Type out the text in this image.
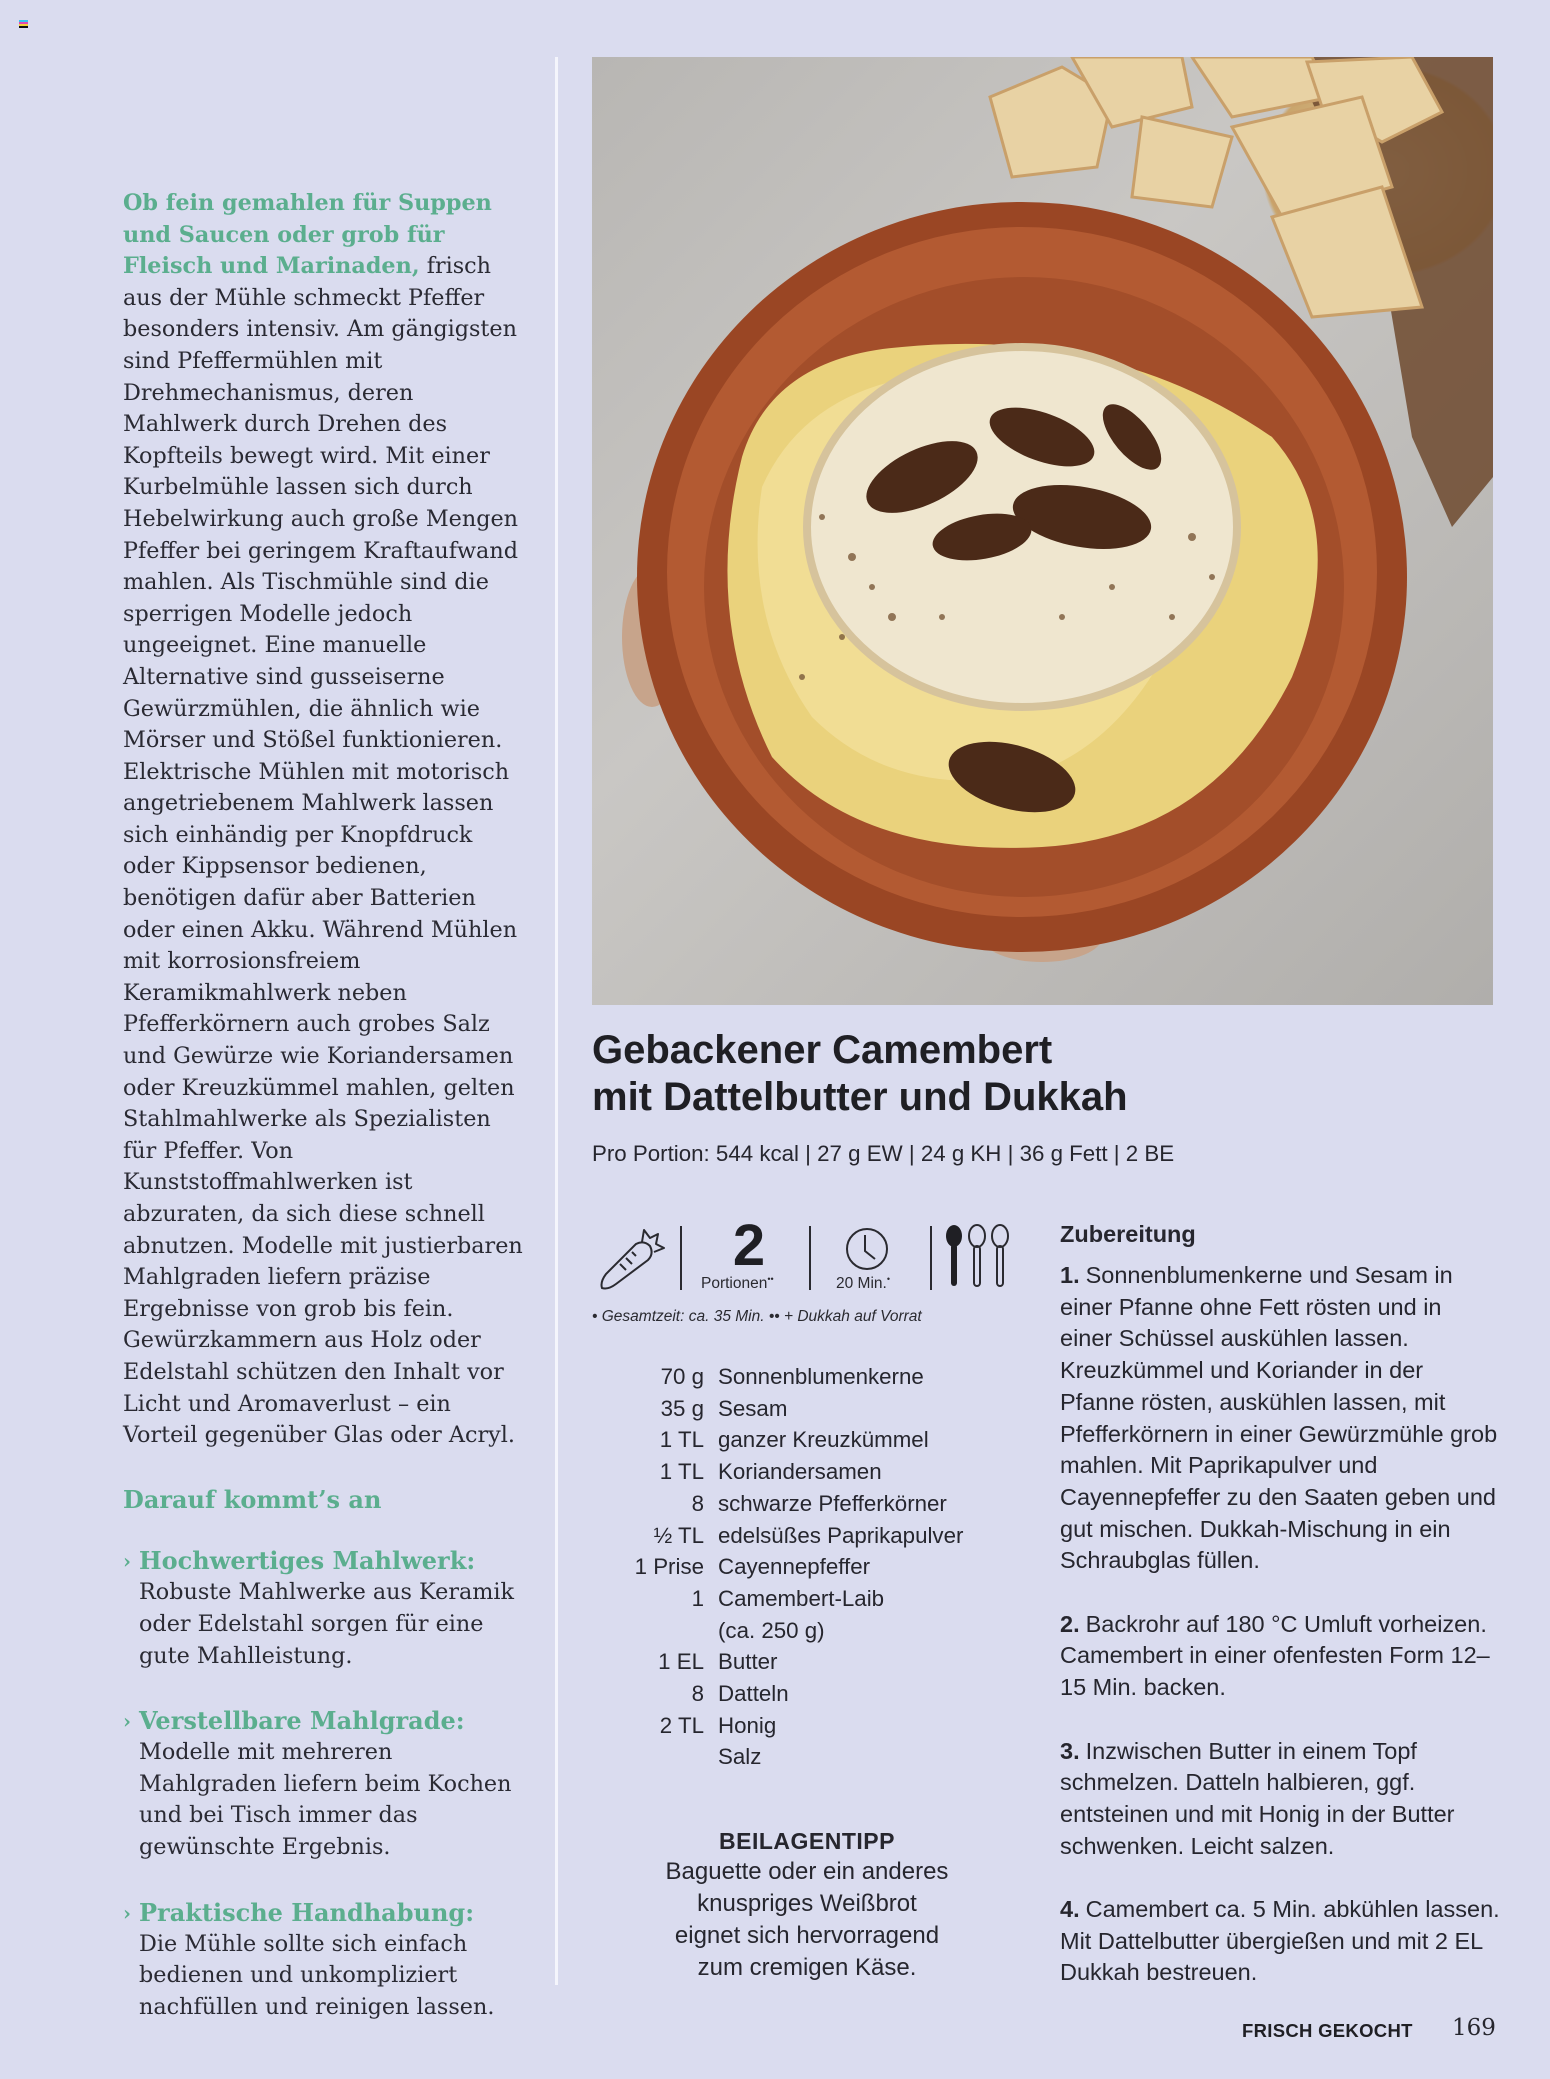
Ob fein gemahlen für Suppen und Saucen oder grob für Fleisch und Marinaden, frisch aus der Mühle schmeckt Pfeffer besonders intensiv. Am gängigsten sind Pfeffermühlen mit Drehmechanismus, deren Mahlwerk durch Drehen des Kopfteils bewegt wird. Mit einer Kurbelmühle lassen sich durch Hebelwirkung auch große Mengen Pfeffer bei geringem Kraftaufwand mahlen. Als Tischmühle sind die sperrigen Modelle jedoch ungeeignet. Eine manuelle Alternative sind gusseiserne Gewürzmühlen, die ähnlich wie Mörser und Stößel funktionieren. Elektrische Mühlen mit motorisch angetriebenem Mahlwerk lassen sich einhändig per Knopfdruck oder Kippsensor bedienen, benötigen dafür aber Batterien oder einen Akku. Während Mühlen mit korrosionsfreiem Keramikmahlwerk neben Pfefferkörnern auch grobes Salz und Gewürze wie Koriandersamen oder Kreuzkümmel mahlen, gelten Stahlmahlwerke als Spezialisten für Pfeffer. Von Kunststoffmahlwerken ist abzuraten, da sich diese schnell abnutzen. Modelle mit justierbaren Mahlgraden liefern präzise Ergebnisse von grob bis fein. Gewürzkammern aus Holz oder Edelstahl schützen den Inhalt vor Licht und Aromaverlust – ein Vorteil gegenüber Glas oder Acryl.

Darauf kommt’s an
› Hochwertiges Mahlwerk:

Robuste Mahlwerke aus Keramik oder Edelstahl sorgen für eine gute Mahlleistung.

› Verstellbare Mahlgrade:

Modelle mit mehreren Mahlgraden liefern beim Kochen und bei Tisch immer das gewünschte Ergebnis.

› Praktische Handhabung:

Die Mühle sollte sich einfach bedienen und unkompliziert nachfüllen und reinigen lassen.

Gebackener Camembert
mit Dattelbutter und Dukkah
Pro Portion: 544 kcal | 27 g EW | 24 g KH | 36 g Fett | 2 BE
2
Portionen••	20 Min.•
• Gesamtzeit: ca. 35 Min. •• + Dukkah auf Vorrat
70 g Sonnenblumenkerne
35 g Sesam
1 TL ganzer Kreuzkümmel
1 TL Koriandersamen
8 schwarze Pfefferkörner
½ TL edelsüßes Paprikapulver
1 Prise Cayennepfeffer
1 Camembert-Laib
(ca. 250 g)
1 EL Butter
8 Datteln
2 TL Honig
Salz
BEILAGENTIPP
Baguette oder ein anderes
knuspriges Weißbrot
eignet sich hervorragend
zum cremigen Käse.
Zubereitung

1. Sonnenblumenkerne und Sesam in einer Pfanne ohne Fett rösten und in einer Schüssel auskühlen lassen. Kreuzkümmel und Koriander in der Pfanne rösten, auskühlen lassen, mit Pfefferkörnern in einer Gewürzmühle grob mahlen. Mit Paprikapulver und Cayennepfeffer zu den Saaten geben und gut mischen. Dukkah-Mischung in ein Schraubglas füllen.

2. Backrohr auf 180 °C Umluft vorheizen. Camembert in einer ofenfesten Form 12–15 Min. backen.

3. Inzwischen Butter in einem Topf schmelzen. Datteln halbieren, ggf. entsteinen und mit Honig in der Butter schwenken. Leicht salzen.

4. Camembert ca. 5 Min. abkühlen lassen. Mit Dattelbutter übergießen und mit 2 EL Dukkah bestreuen.

FRISCH GEKOCHT 169
